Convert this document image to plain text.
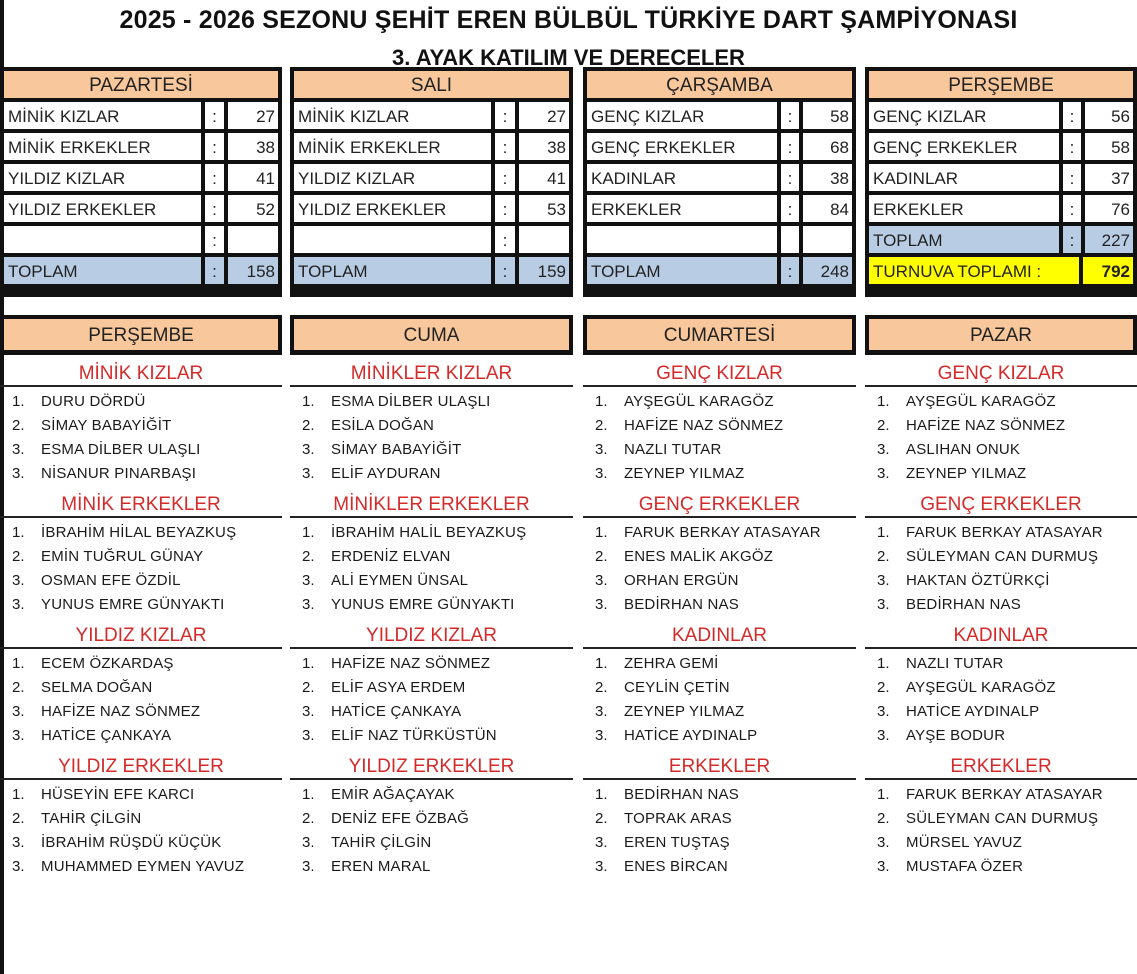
2025 - 2026 SEZONU ŞEHİT EREN BÜLBÜL TÜRKİYE DART ŞAMPİYONASI
3. AYAK KATILIM VE DERECELER
PAZARTESİ
MİNİK KIZLAR	:	27
MİNİK ERKEKLER	:	38
YILDIZ KIZLAR	:	41
YILDIZ ERKEKLER	:	52
:
TOPLAM	:	158
SALI
MİNİK KIZLAR	:	27
MİNİK ERKEKLER	:	38
YILDIZ KIZLAR	:	41
YILDIZ ERKEKLER	:	53
:
TOPLAM	:	159
ÇARŞAMBA
GENÇ KIZLAR	:	58
GENÇ ERKEKLER	:	68
KADINLAR	:	38
ERKEKLER	:	84
TOPLAM	:	248
PERŞEMBE
GENÇ KIZLAR	:	56
GENÇ ERKEKLER	:	58
KADINLAR	:	37
ERKEKLER	:	76
TOPLAM	:	227
TURNUVA TOPLAMI :	792
PERŞEMBE
MİNİK KIZLAR
1. DURU DÖRDÜ
2. SİMAY BABAYİĞİT
3. ESMA DİLBER ULAŞLI
3. NİSANUR PINARBAŞI
MİNİK ERKEKLER
1. İBRAHİM HİLAL BEYAZKUŞ
2. EMİN TUĞRUL GÜNAY
3. OSMAN EFE ÖZDİL
3. YUNUS EMRE GÜNYAKTI
YILDIZ KIZLAR
1. ECEM ÖZKARDAŞ
2. SELMA DOĞAN
3. HAFİZE NAZ SÖNMEZ
3. HATİCE ÇANKAYA
YILDIZ ERKEKLER
1. HÜSEYİN EFE KARCI
2. TAHİR ÇİLGİN
3. İBRAHİM RÜŞDÜ KÜÇÜK
3. MUHAMMED EYMEN YAVUZ
CUMA
MİNİKLER KIZLAR
1. ESMA DİLBER ULAŞLI
2. ESİLA DOĞAN
3. SİMAY BABAYİĞİT
3. ELİF AYDURAN
MİNİKLER ERKEKLER
1. İBRAHİM HALİL BEYAZKUŞ
2. ERDENİZ ELVAN
3. ALİ EYMEN ÜNSAL
3. YUNUS EMRE GÜNYAKTI
YILDIZ KIZLAR
1. HAFİZE NAZ SÖNMEZ
2. ELİF ASYA ERDEM
3. HATİCE ÇANKAYA
3. ELİF NAZ TÜRKÜSTÜN
YILDIZ ERKEKLER
1. EMİR AĞAÇAYAK
2. DENİZ EFE ÖZBAĞ
3. TAHİR ÇİLGİN
3. EREN MARAL
CUMARTESİ
GENÇ KIZLAR
1. AYŞEGÜL KARAGÖZ
2. HAFİZE NAZ SÖNMEZ
3. NAZLI TUTAR
3. ZEYNEP YILMAZ
GENÇ ERKEKLER
1. FARUK BERKAY ATASAYAR
2. ENES MALİK AKGÖZ
3. ORHAN ERGÜN
3. BEDİRHAN NAS
KADINLAR
1. ZEHRA GEMİ
2. CEYLİN ÇETİN
3. ZEYNEP YILMAZ
3. HATİCE AYDINALP
ERKEKLER
1. BEDİRHAN NAS
2. TOPRAK ARAS
3. EREN TUŞTAŞ
3. ENES BİRCAN
PAZAR
GENÇ KIZLAR
1. AYŞEGÜL KARAGÖZ
2. HAFİZE NAZ SÖNMEZ
3. ASLIHAN ONUK
3. ZEYNEP YILMAZ
GENÇ ERKEKLER
1. FARUK BERKAY ATASAYAR
2. SÜLEYMAN CAN DURMUŞ
3. HAKTAN ÖZTÜRKÇİ
3. BEDİRHAN NAS
KADINLAR
1. NAZLI TUTAR
2. AYŞEGÜL KARAGÖZ
3. HATİCE AYDINALP
3. AYŞE BODUR
ERKEKLER
1. FARUK BERKAY ATASAYAR
2. SÜLEYMAN CAN DURMUŞ
3. MÜRSEL YAVUZ
3. MUSTAFA ÖZER
